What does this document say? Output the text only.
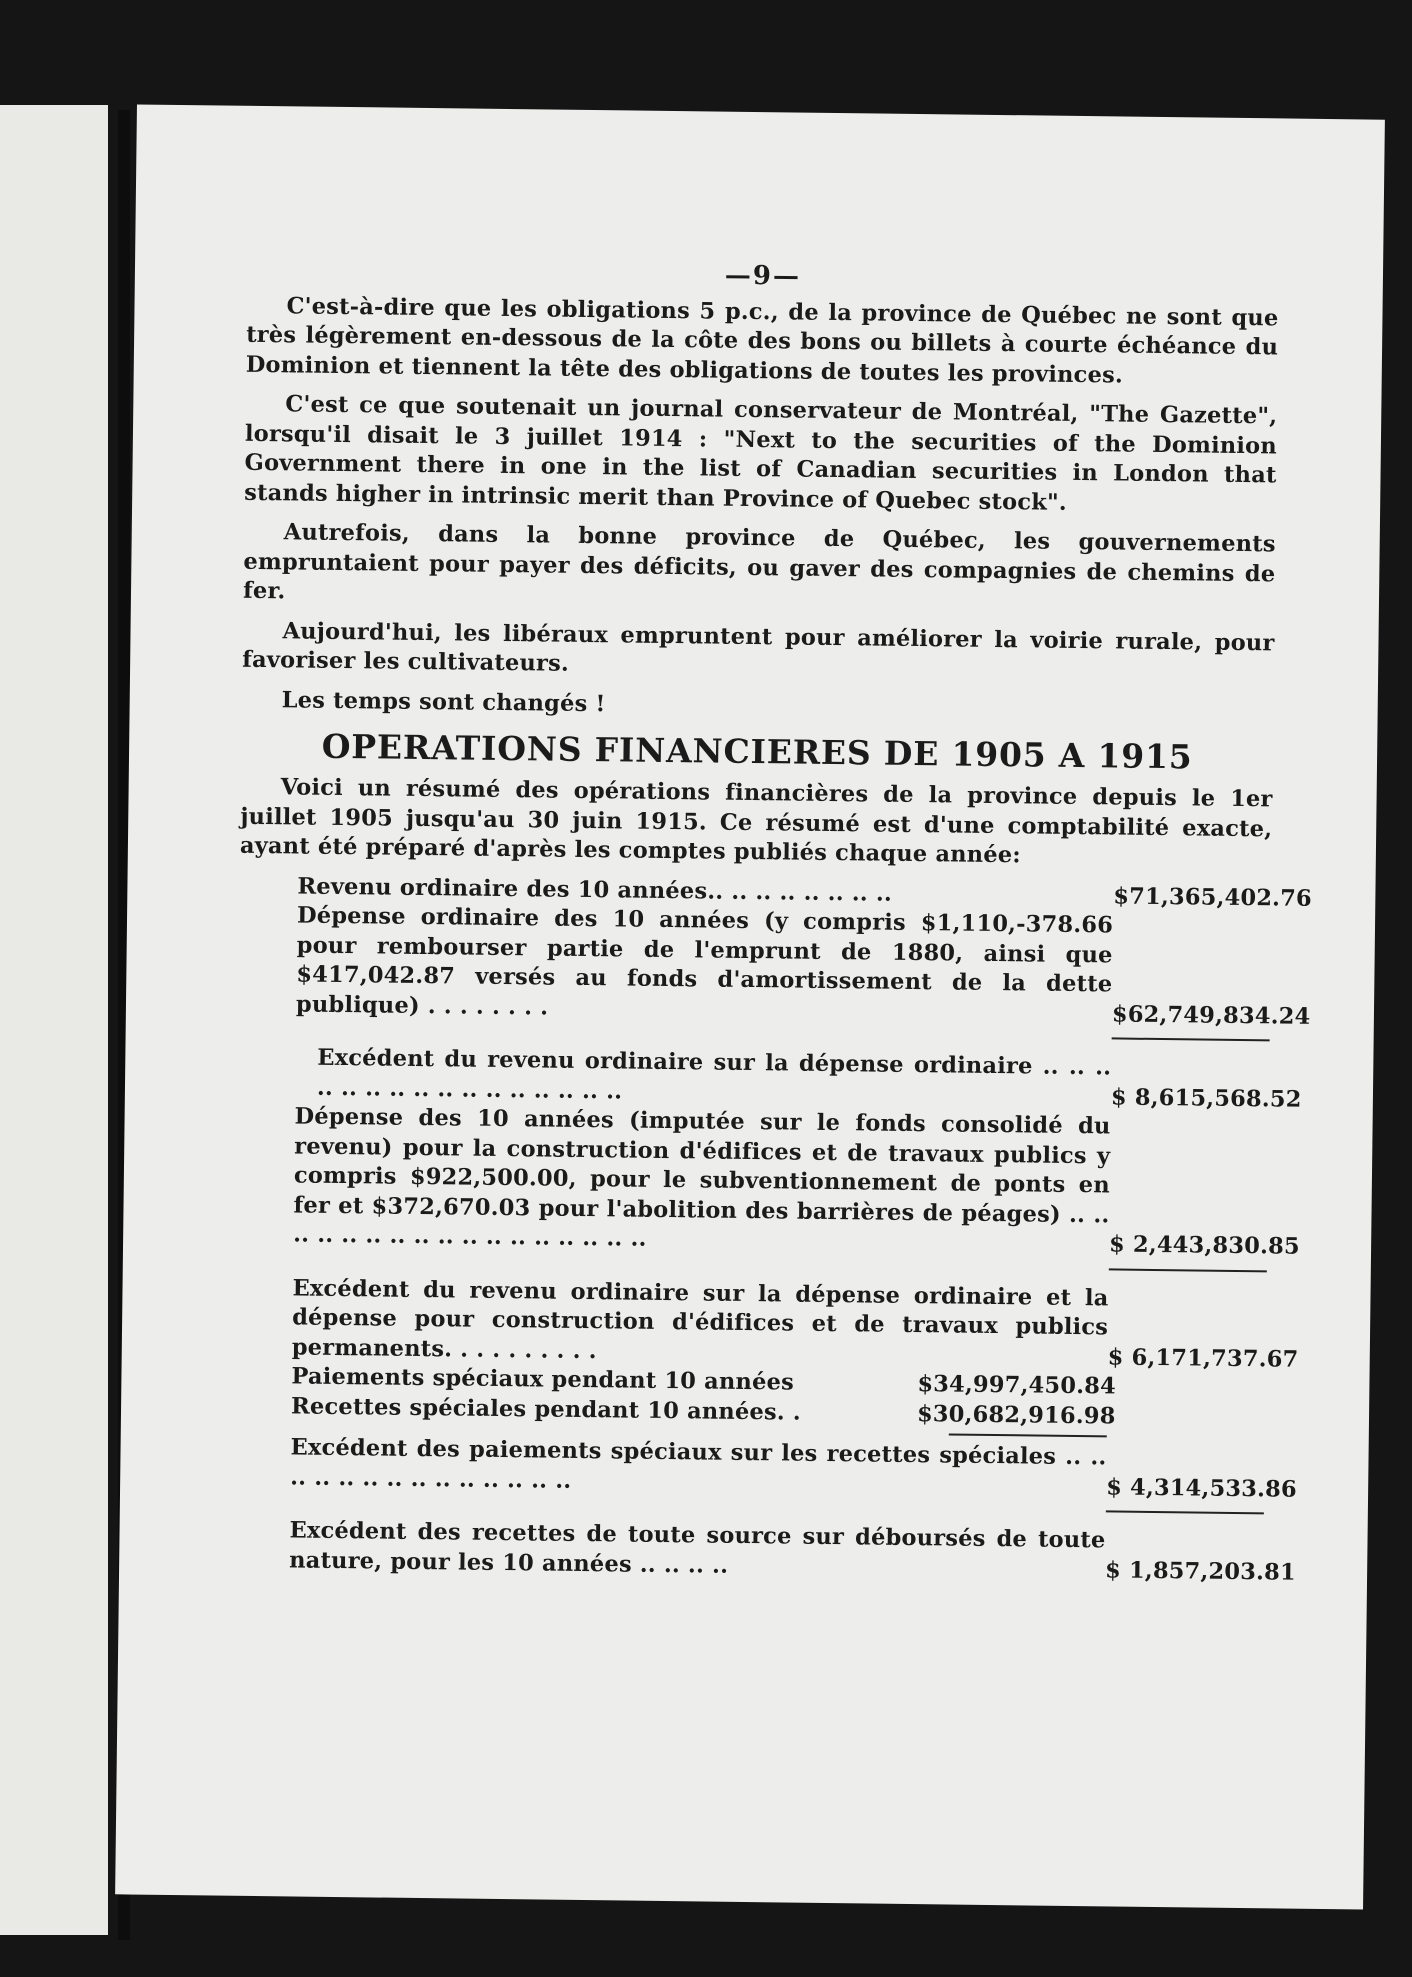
—9—

C'est-à-dire que les obligations 5 p.c., de la province de Québec ne sont que très légèrement en-dessous de la côte des bons ou billets à courte échéance du Dominion et tiennent la tête des obligations de toutes les provinces.

C'est ce que soutenait un journal conservateur de Montréal, "The Gazette", lorsqu'il disait le 3 juillet 1914 : "Next to the securities of the Dominion Government there in one in the list of Canadian securities in London that stands higher in intrinsic merit than Province of Quebec stock".

Autrefois, dans la bonne province de Québec, les gouvernements empruntaient pour payer des déficits, ou gaver des compagnies de chemins de fer.

Aujourd'hui, les libéraux empruntent pour améliorer la voirie rurale, pour favoriser les cultivateurs.

Les temps sont changés !

OPERATIONS FINANCIERES DE 1905 A 1915

Voici un résumé des opérations financières de la province depuis le 1er juillet 1905 jusqu'au 30 juin 1915. Ce résumé est d'une comptabilité exacte, ayant été préparé d'après les comptes publiés chaque année:

Revenu ordinaire des 10 années.. .. .. .. .. .. .. ..	$71,365,402.76
Dépense ordinaire des 10 années (y compris $1,110,-378.66 pour rembourser partie de l'emprunt de 1880, ainsi que $417,042.87 versés au fonds d'amortissement de la dette publique) . . . . . . . .	$62,749,834.24
Excédent du revenu ordinaire sur la dépense ordinaire .. .. .. .. .. .. .. .. .. .. .. .. .. .. .. ..	$ 8,615,568.52
Dépense des 10 années (imputée sur le fonds consolidé du revenu) pour la construction d'édifices et de travaux publics y compris $922,500.00, pour le subventionnement de ponts en fer et $372,670.03 pour l'abolition des barrières de péages) .. .. .. .. .. .. .. .. .. .. .. .. .. .. .. .. ..	$ 2,443,830.85
Excédent du revenu ordinaire sur la dépense ordinaire et la dépense pour construction d'édifices et de travaux publics permanents. . . . . . . . . .	$ 6,171,737.67
Paiements spéciaux pendant 10 années	$34,997,450.84
Recettes spéciales pendant 10 années. .	$30,682,916.98
Excédent des paiements spéciaux sur les recettes spéciales .. .. .. .. .. .. .. .. .. .. .. .. .. ..	$ 4,314,533.86
Excédent des recettes de toute source sur déboursés de toute nature, pour les 10 années .. .. .. ..	$ 1,857,203.81
